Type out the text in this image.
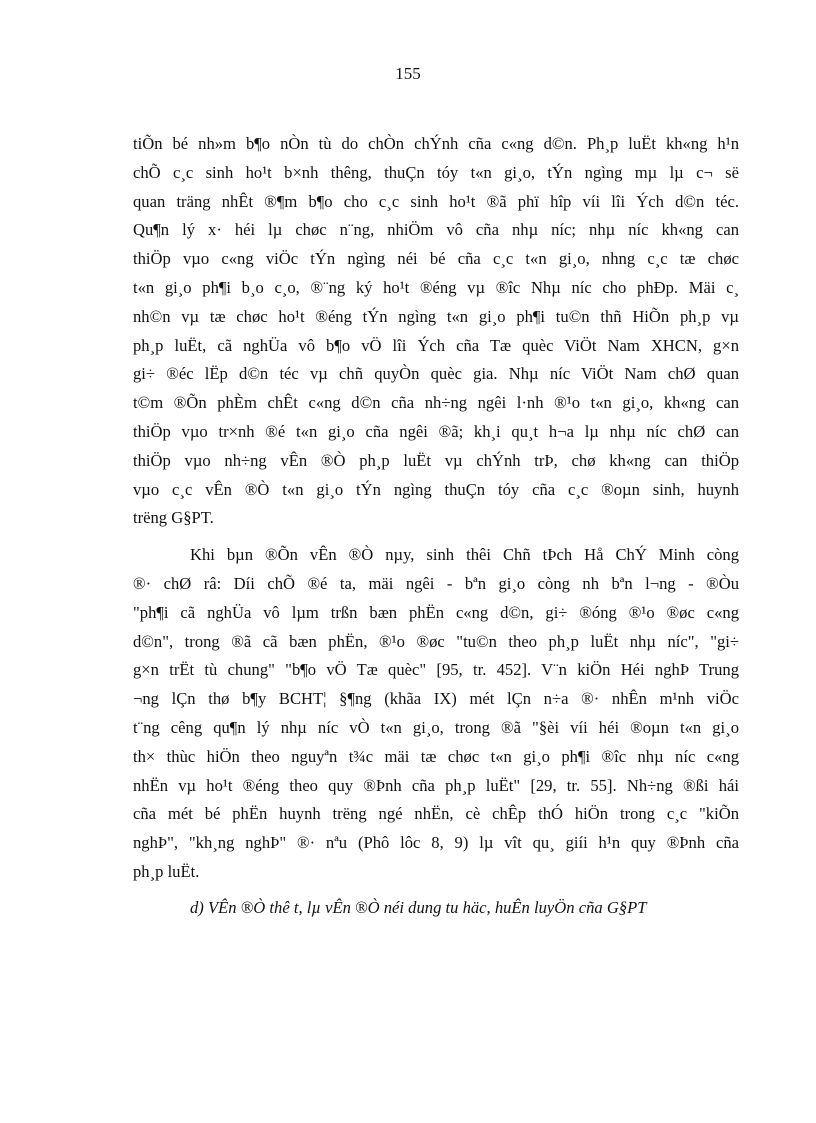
155
tiÕn bé nh»m b¶o nÒn tù do chÒn chÝnh cña c«ng d©n. Ph¸p luËt kh«ng h¹n
chÕ c¸c sinh ho¹t b×nh thêng, thuÇn tóy t«n gi¸o, tÝn ngìng mµ lµ c¬ së
quan träng nhÊt ®¶m b¶o cho c¸c sinh ho¹t ®ã phï hîp víi lîi Ých d©n téc.
Qu¶n lý x· héi lµ chøc n¨ng, nhiÖm vô cña nhµ níc; nhµ níc kh«ng can
thiÖp vµo c«ng viÖc tÝn ngìng néi bé cña c¸c t«n gi¸o, nhng c¸c tæ chøc
t«n gi¸o ph¶i b¸o c¸o, ®¨ng ký ho¹t ®éng vµ ®îc Nhµ níc cho phÐp. Mäi c¸
nh©n vµ tæ chøc ho¹t ®éng tÝn ngìng t«n gi¸o ph¶i tu©n thñ HiÕn ph¸p vµ
ph¸p luËt, cã nghÜa vô b¶o vÖ lîi Ých cña Tæ quèc ViÖt Nam XHCN, g×n
gi÷ ®éc lËp d©n téc vµ chñ quyÒn quèc gia. Nhµ níc ViÖt Nam chØ quan
t©m ®Õn phÈm chÊt c«ng d©n cña nh÷ng ngêi l·nh ®¹o t«n gi¸o, kh«ng can
thiÖp vµo tr×nh ®é t«n gi¸o cña ngêi ®ã; kh¸i qu¸t h¬a lµ nhµ níc chØ can
thiÖp vµo nh÷ng vÊn ®Ò ph¸p luËt vµ chÝnh trÞ, chø kh«ng can thiÖp
vµo c¸c vÊn ®Ò t«n gi¸o tÝn ngìng thuÇn tóy cña c¸c ®oµn sinh, huynh
trëng G§PT.
Khi bµn ®Õn vÊn ®Ò nµy, sinh thêi Chñ tÞch Hå ChÝ Minh còng
®· chØ râ: Díi chÕ ®é ta, mäi ngêi - bªn gi¸o còng nh bªn l¬ng - ®Òu
"ph¶i cã nghÜa vô lµm trßn bæn phËn c«ng d©n, gi÷ ®óng ®¹o ®øc c«ng
d©n", trong ®ã cã bæn phËn, ®¹o ®øc "tu©n theo ph¸p luËt nhµ níc", "gi÷
g×n trËt tù chung" "b¶o vÖ Tæ quèc" [95, tr. 452]. V¨n kiÖn Héi nghÞ Trung
¬ng lÇn thø b¶y BCHT¦ §¶ng (khãa IX) mét lÇn n÷a ®· nhÊn m¹nh viÖc
t¨ng cêng qu¶n lý nhµ níc vÒ t«n gi¸o, trong ®ã "§èi víi héi ®oµn t«n gi¸o
th× thùc hiÖn theo nguyªn t¾c mäi tæ chøc t«n gi¸o ph¶i ®îc nhµ níc c«ng
nhËn vµ ho¹t ®éng theo quy ®Þnh cña ph¸p luËt" [29, tr. 55]. Nh÷ng ®ßi hái
cña mét bé phËn huynh trëng ngé nhËn, cè chÊp thÓ hiÖn trong c¸c "kiÕn
nghÞ", "kh¸ng nghÞ" ®· nªu (Phô lôc 8, 9) lµ vît qu¸ giíi h¹n quy ®Þnh cña
ph¸p luËt.
d) VÊn ®Ò thê t, lµ vÊn ®Ò néi dung tu häc, huÊn luyÖn cña G§PT
